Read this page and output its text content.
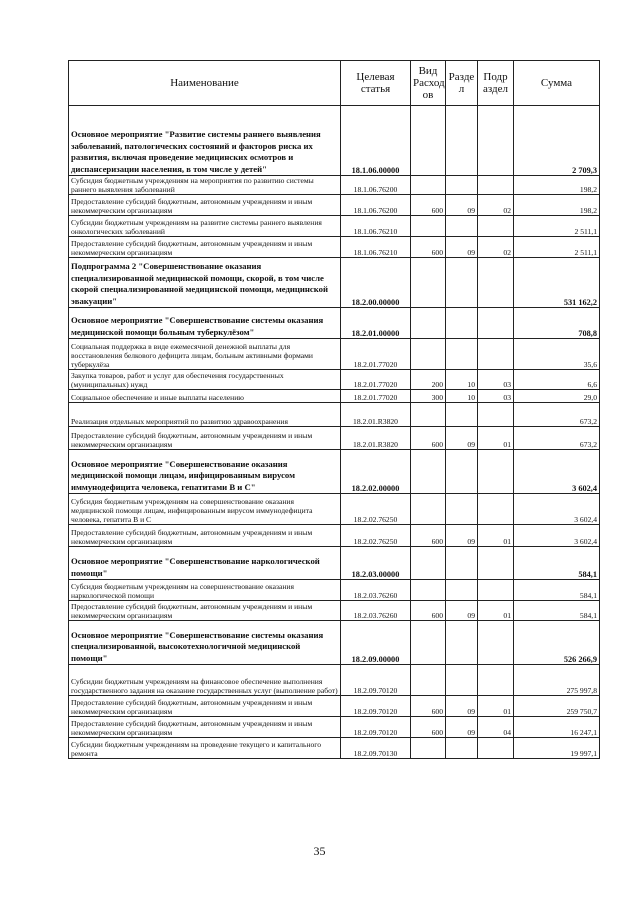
Наименование	Целевая статья	Вид Расход ов	Разде л	Подр аздел	Сумма
Основное мероприятие "Развитие системы раннего выявления заболеваний, патологических состояний и факторов риска их развития, включая проведение медицинских осмотров и диспансеризации населения, в том числе у детей"	18.1.06.00000				2 709,3
Субсидия бюджетным учреждениям на мероприятия по развитию системы раннего выявления заболеваний	18.1.06.76200				198,2
Предоставление субсидий бюджетным, автономным учреждениям и иным некоммерческим организациям	18.1.06.76200	600	09	02	198,2
Субсидии бюджетным учреждениям на развитие системы раннего выявления онкологических заболеваний	18.1.06.76210				2 511,1
Предоставление субсидий бюджетным, автономным учреждениям и иным некоммерческим организациям	18.1.06.76210	600	09	02	2 511,1
Подпрограмма 2 "Совершенствование оказания специализированной медицинской помощи, скорой, в том числе скорой специализированной медицинской помощи, медицинской эвакуации"	18.2.00.00000				531 162,2
Основное мероприятие "Совершенствование системы оказания медицинской помощи больным туберкулёзом"	18.2.01.00000				708,8
Социальная поддержка в виде ежемесячной денежной выплаты для восстановления белкового дефицита лицам, больным активными формами туберкулёза	18.2.01.77020				35,6
Закупка товаров, работ и услуг для обеспечения государственных (муниципальных) нужд	18.2.01.77020	200	10	03	6,6
Социальное обеспечение и иные выплаты населению	18.2.01.77020	300	10	03	29,0
Реализация отдельных мероприятий по развитию здравоохранения	18.2.01.R3820				673,2
Предоставление субсидий бюджетным, автономным учреждениям и иным некоммерческим организациям	18.2.01.R3820	600	09	01	673,2
Основное мероприятие "Совершенствование оказания медицинской помощи лицам, инфицированным вирусом иммунодефицита человека, гепатитами В и С"	18.2.02.00000				3 602,4
Субсидия бюджетным учреждениям на совершенствование оказания медицинской помощи лицам, инфицированным вирусом иммунодефицита человека, гепатита В и С	18.2.02.76250				3 602,4
Предоставление субсидий бюджетным, автономным учреждениям и иным некоммерческим организациям	18.2.02.76250	600	09	01	3 602,4
Основное мероприятие "Совершенствование наркологической помощи"	18.2.03.00000				584,1
Субсидия бюджетным учреждениям на совершенствование оказания наркологической помощи	18.2.03.76260				584,1
Предоставление субсидий бюджетным, автономным учреждениям и иным некоммерческим организациям	18.2.03.76260	600	09	01	584,1
Основное мероприятие "Совершенствование системы оказания специализированной, высокотехнологичной медицинской помощи"	18.2.09.00000				526 266,9
Субсидии бюджетным учреждениям на финансовое обеспечение выполнения государственного задания на оказание государственных услуг (выполнение работ)	18.2.09.70120				275 997,8
Предоставление субсидий бюджетным, автономным учреждениям и иным некоммерческим организациям	18.2.09.70120	600	09	01	259 750,7
Предоставление субсидий бюджетным, автономным учреждениям и иным некоммерческим организациям	18.2.09.70120	600	09	04	16 247,1
Субсидии бюджетным учреждениям на проведение текущего и капитального ремонта	18.2.09.70130				19 997,1
35
